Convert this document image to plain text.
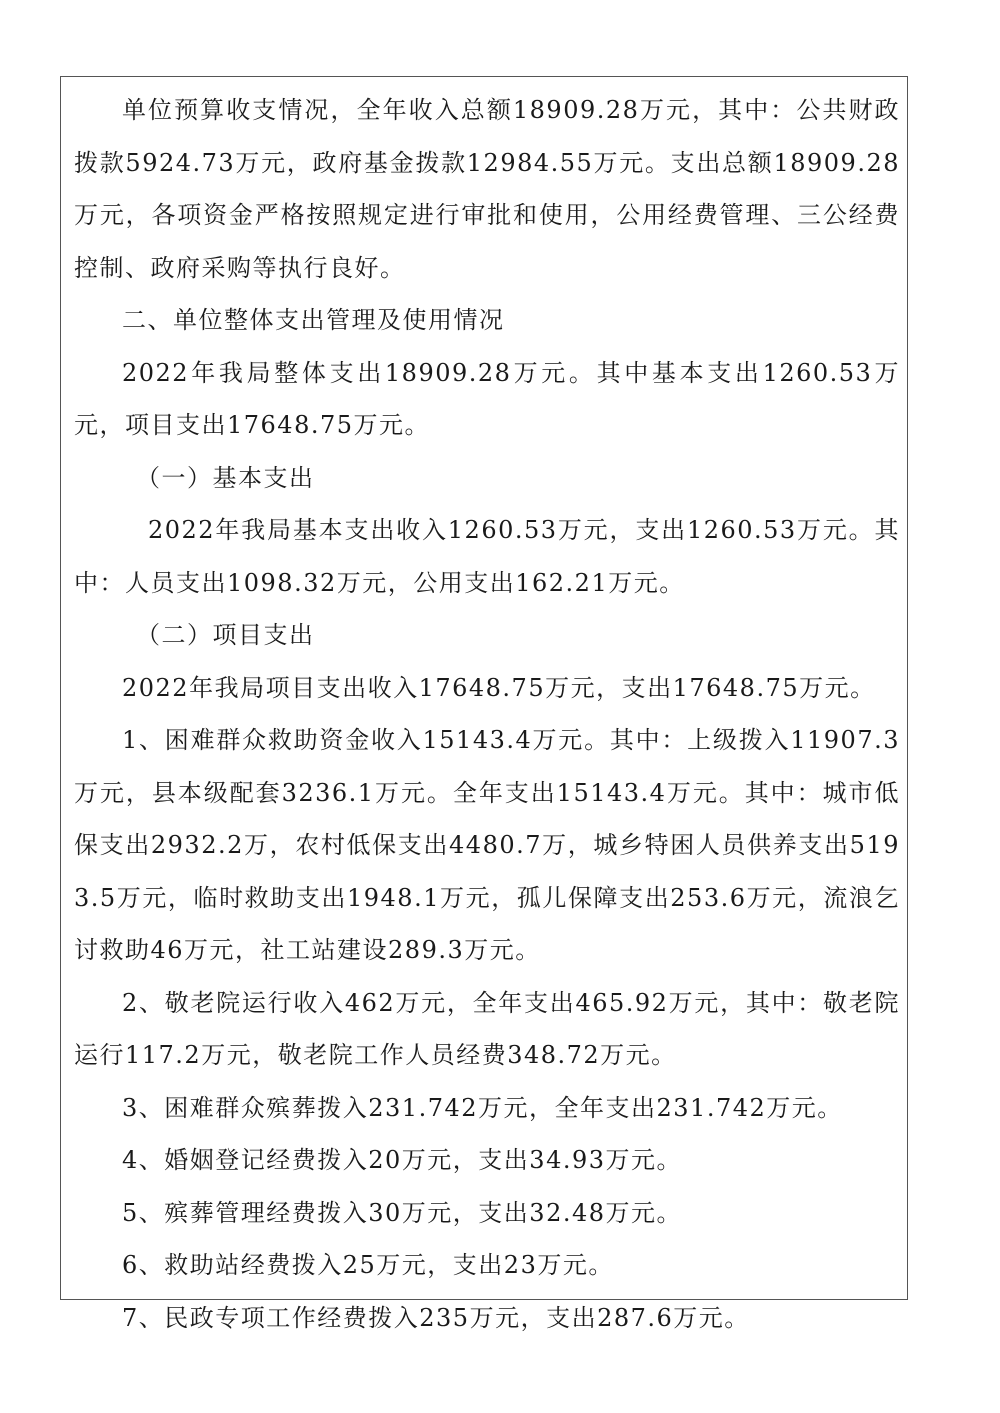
单位预算收支情况，全年收入总额18909.28万元，其中：公共财政拨款5924.73万元，政府基金拨款12984.55万元。支出总额18909.28万元，各项资金严格按照规定进行审批和使用，公用经费管理、三公经费控制、政府采购等执行良好。

二、单位整体支出管理及使用情况

2022年我局整体支出18909.28万元。其中基本支出1260.53万元，项目支出17648.75万元。

（一）基本支出

2022年我局基本支出收入1260.53万元，支出1260.53万元。其中：人员支出1098.32万元，公用支出162.21万元。

（二）项目支出

2022年我局项目支出收入17648.75万元，支出17648.75万元。

1、困难群众救助资金收入15143.4万元。其中：上级拨入11907.3万元，县本级配套3236.1万元。全年支出15143.4万元。其中：城市低保支出2932.2万，农村低保支出4480.7万，城乡特困人员供养支出5193.5万元，临时救助支出1948.1万元，孤儿保障支出253.6万元，流浪乞讨救助46万元，社工站建设289.3万元。

2、敬老院运行收入462万元，全年支出465.92万元，其中：敬老院运行117.2万元，敬老院工作人员经费348.72万元。

3、困难群众殡葬拨入231.742万元，全年支出231.742万元。

4、婚姻登记经费拨入20万元，支出34.93万元。

5、殡葬管理经费拨入30万元，支出32.48万元。

6、救助站经费拨入25万元，支出23万元。

7、民政专项工作经费拨入235万元，支出287.6万元。
